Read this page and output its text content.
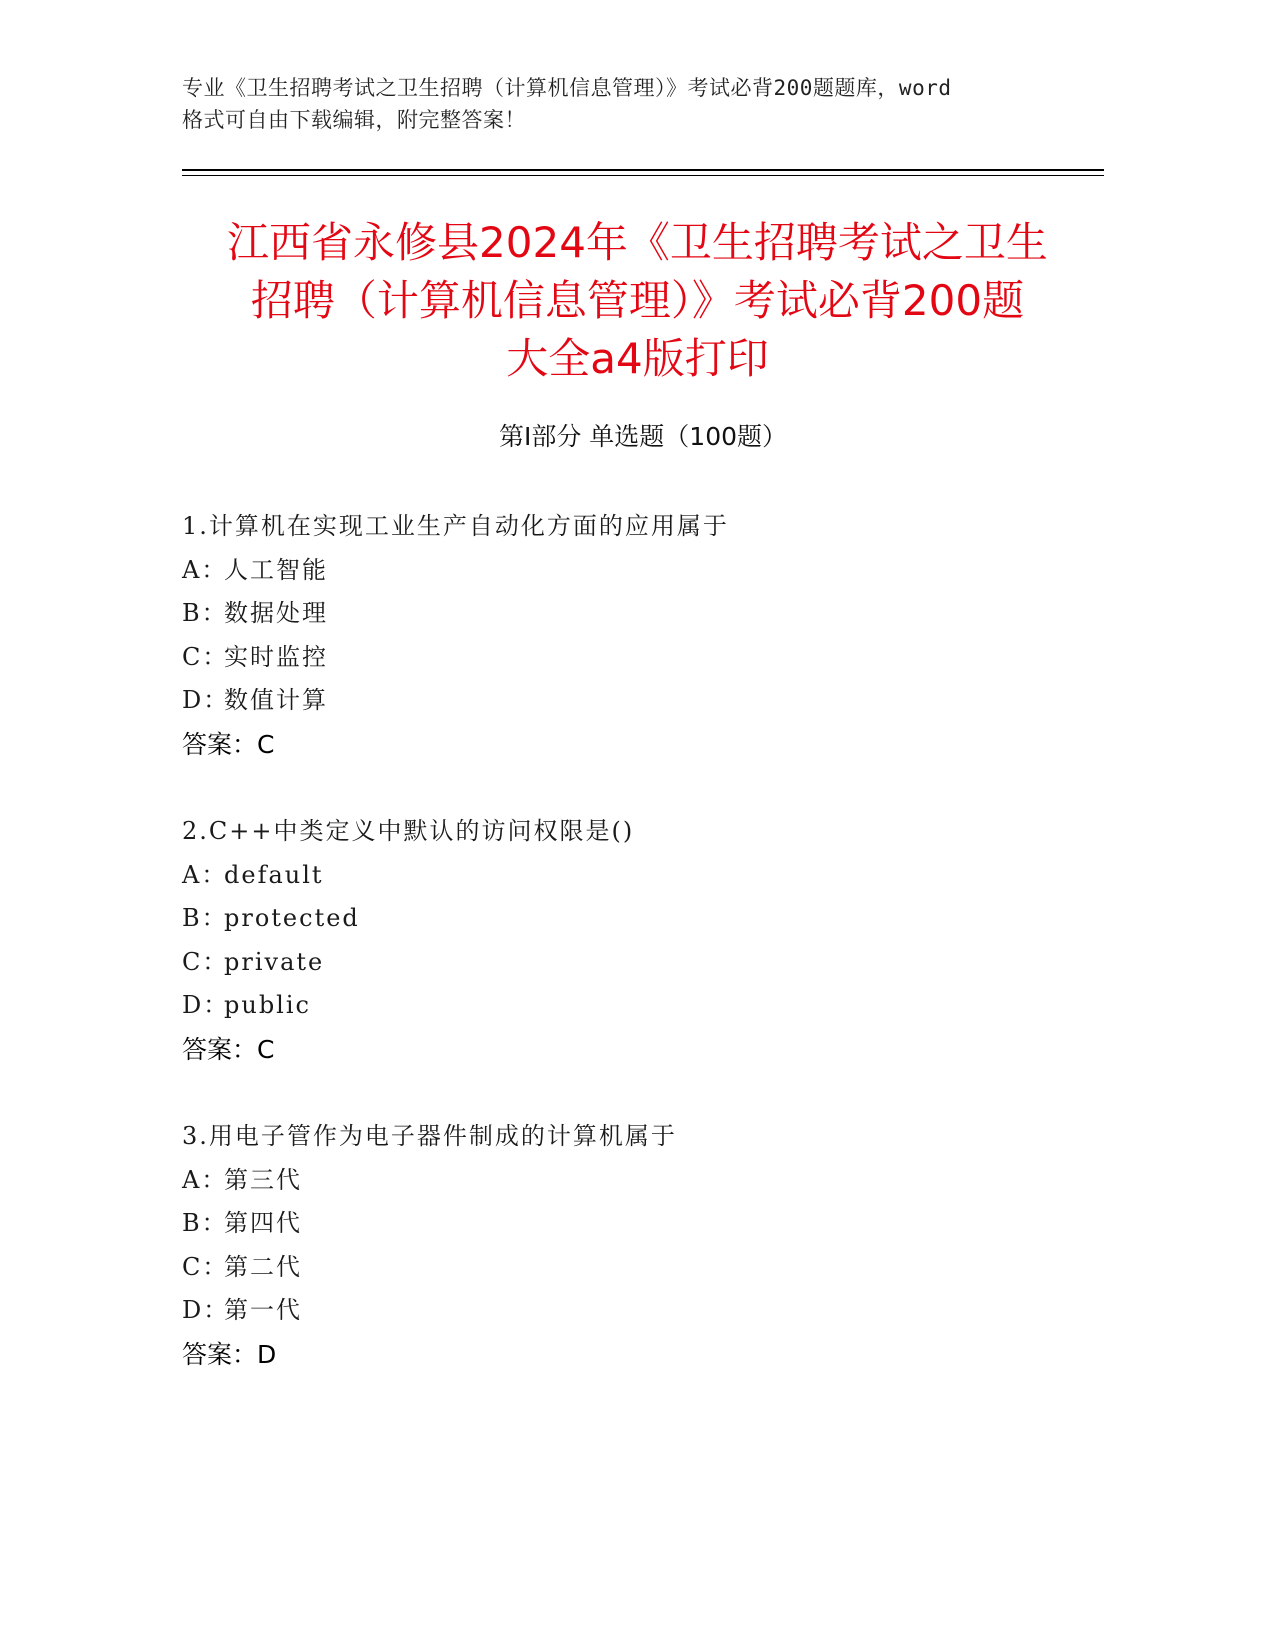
专业《卫生招聘考试之卫生招聘（计算机信息管理）》考试必背200题题库，word
格式可自由下载编辑，附完整答案！
江西省永修县2024年《卫生招聘考试之卫生
招聘（计算机信息管理）》考试必背200题
大全a4版打印
第Ⅰ部分 单选题（100题）
1.计算机在实现工业生产自动化方面的应用属于
A：人工智能
B：数据处理
C：实时监控
D：数值计算
答案：C
2.C++中类定义中默认的访问权限是()
A：default
B：protected
C：private
D：public
答案：C
3.用电子管作为电子器件制成的计算机属于
A：第三代
B：第四代
C：第二代
D：第一代
答案：D
